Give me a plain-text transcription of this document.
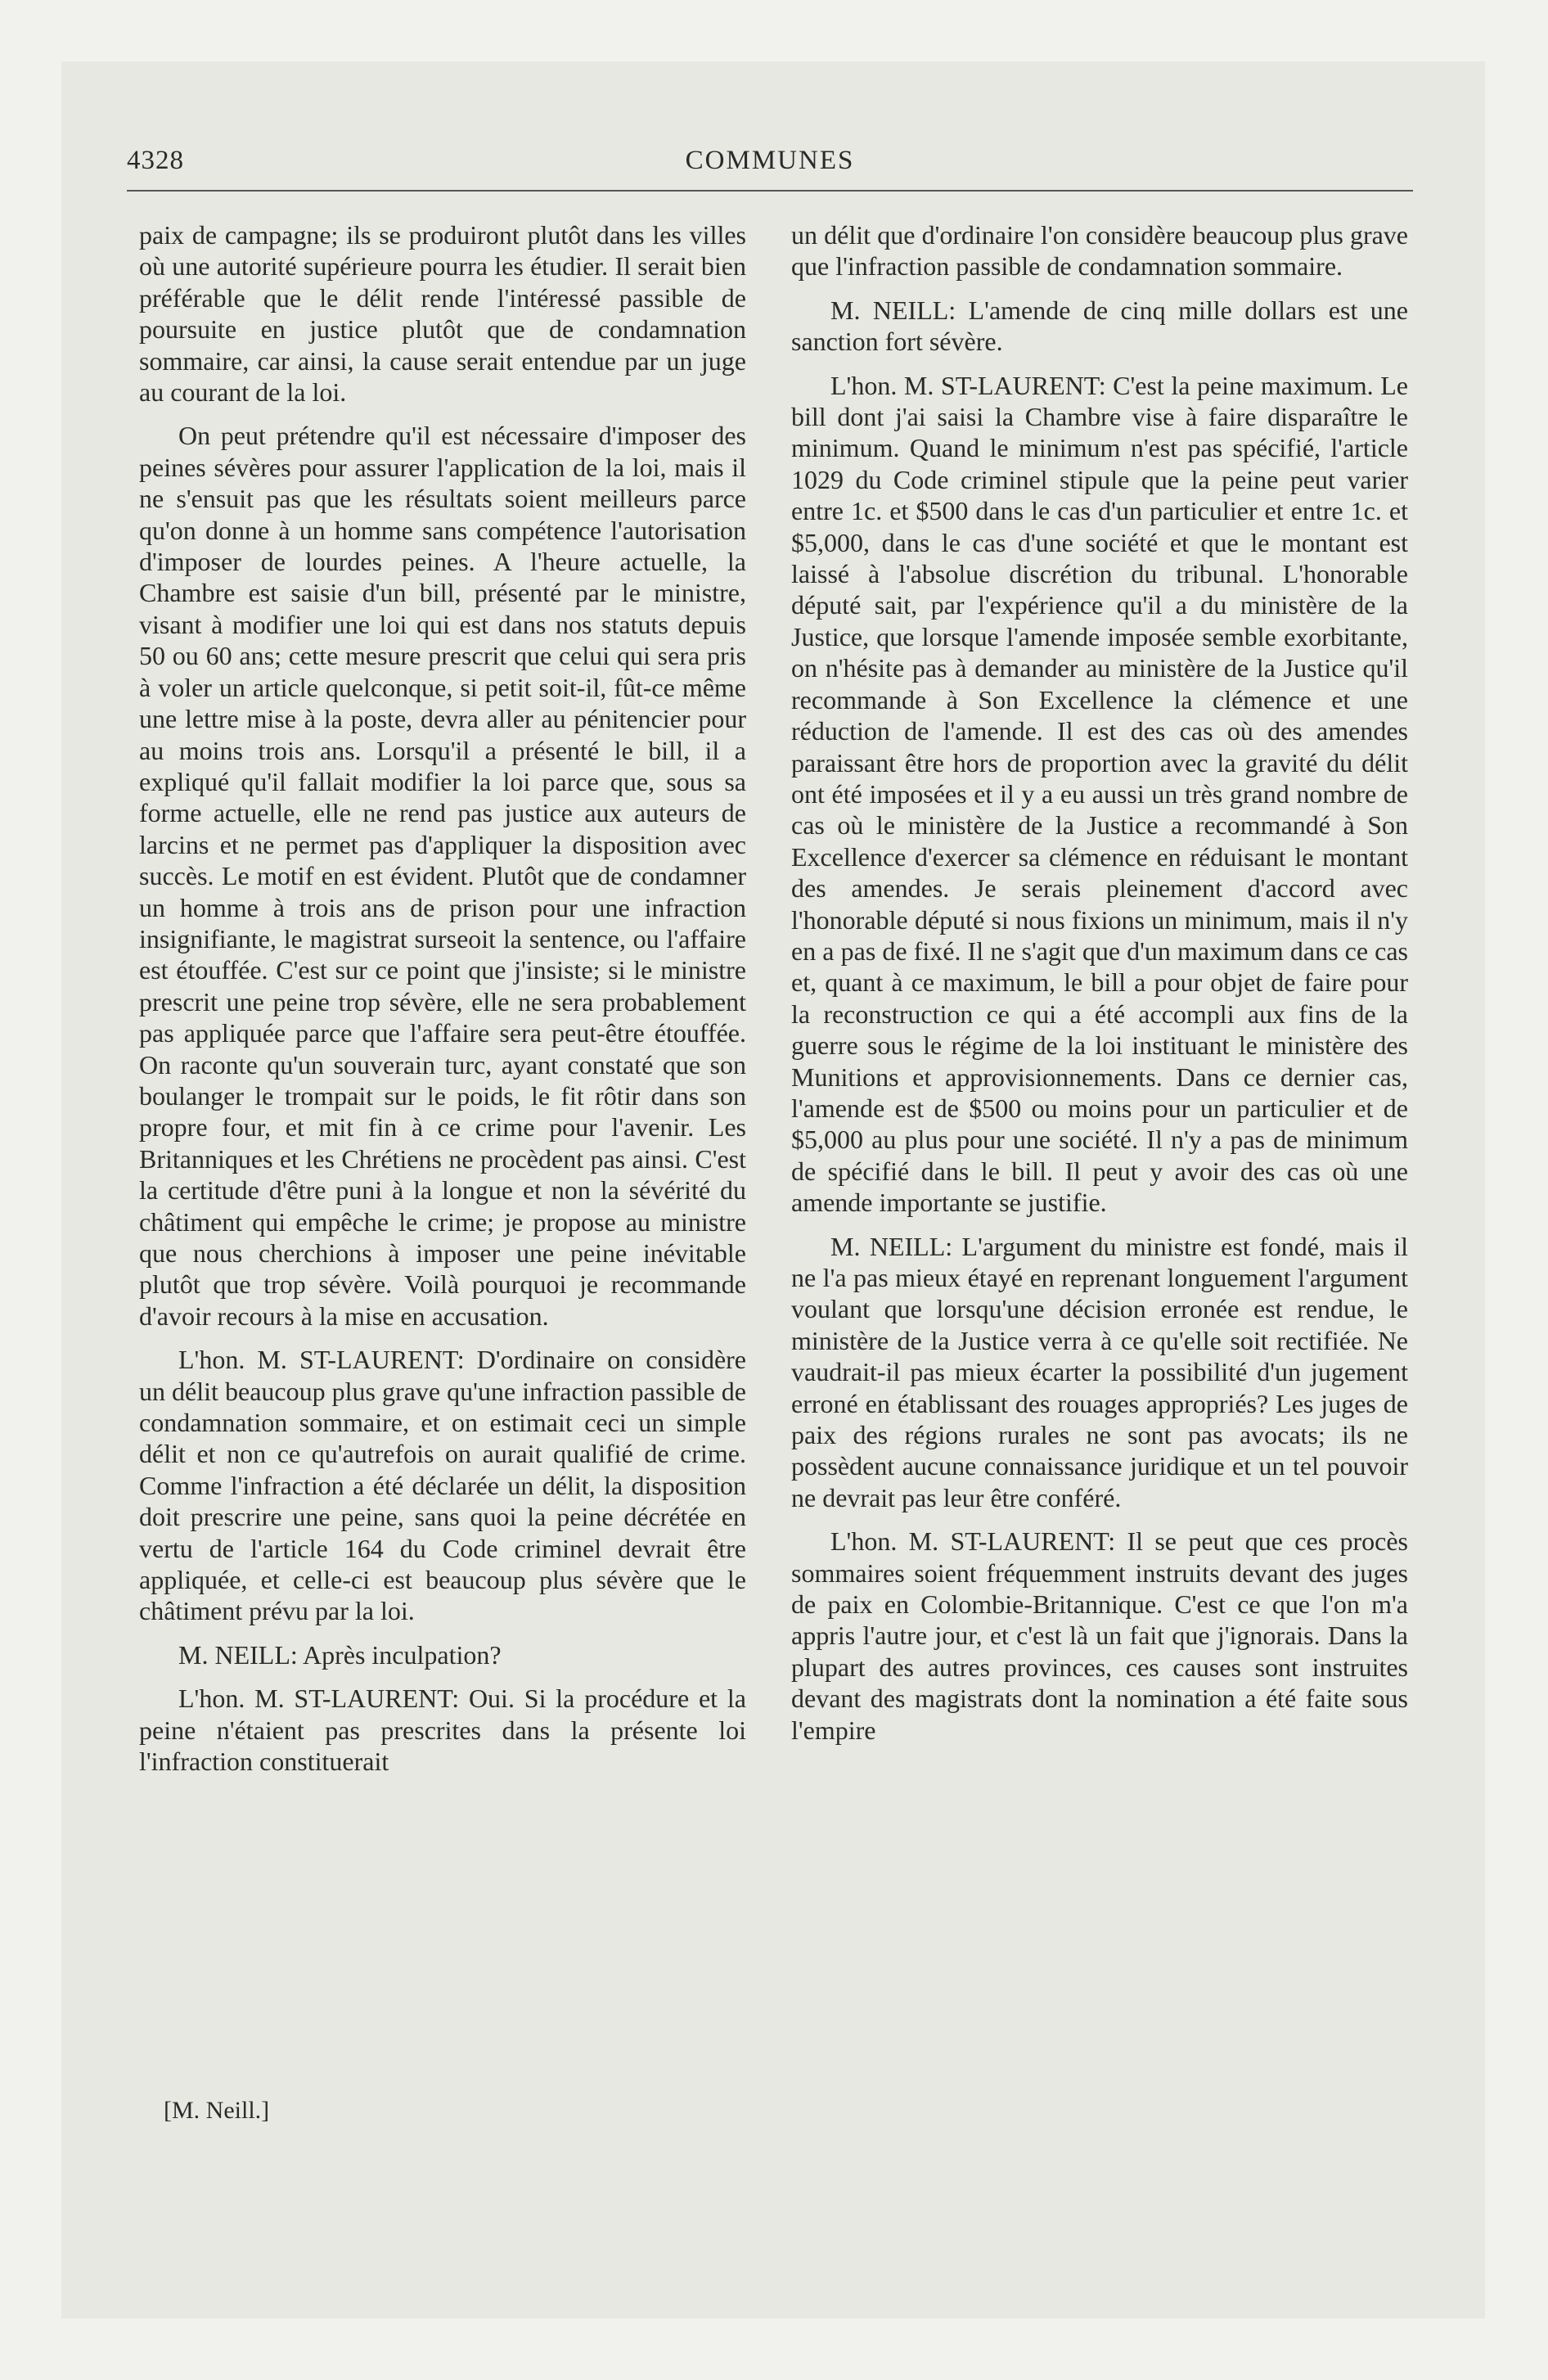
4328	COMMUNES

paix de campagne; ils se produiront plutôt dans les villes où une autorité supérieure pourra les étudier. Il serait bien préférable que le délit rende l'intéressé passible de poursuite en justice plutôt que de condamnation sommaire, car ainsi, la cause serait entendue par un juge au courant de la loi.

On peut prétendre qu'il est nécessaire d'imposer des peines sévères pour assurer l'application de la loi, mais il ne s'ensuit pas que les résultats soient meilleurs parce qu'on donne à un homme sans compétence l'autorisation d'imposer de lourdes peines. A l'heure actuelle, la Chambre est saisie d'un bill, présenté par le ministre, visant à modifier une loi qui est dans nos statuts depuis 50 ou 60 ans; cette mesure prescrit que celui qui sera pris à voler un article quelconque, si petit soit-il, fût-ce même une lettre mise à la poste, devra aller au pénitencier pour au moins trois ans. Lorsqu'il a présenté le bill, il a expliqué qu'il fallait modifier la loi parce que, sous sa forme actuelle, elle ne rend pas justice aux auteurs de larcins et ne permet pas d'appliquer la disposition avec succès. Le motif en est évident. Plutôt que de condamner un homme à trois ans de prison pour une infraction insignifiante, le magistrat surseoit la sentence, ou l'affaire est étouffée. C'est sur ce point que j'insiste; si le ministre prescrit une peine trop sévère, elle ne sera probablement pas appliquée parce que l'affaire sera peut-être étouffée. On raconte qu'un souverain turc, ayant constaté que son boulanger le trompait sur le poids, le fit rôtir dans son propre four, et mit fin à ce crime pour l'avenir. Les Britanniques et les Chrétiens ne procèdent pas ainsi. C'est la certitude d'être puni à la longue et non la sévérité du châtiment qui empêche le crime; je propose au ministre que nous cherchions à imposer une peine inévitable plutôt que trop sévère. Voilà pourquoi je recommande d'avoir recours à la mise en accusation.

L'hon. M. ST-LAURENT: D'ordinaire on considère un délit beaucoup plus grave qu'une infraction passible de condamnation sommaire, et on estimait ceci un simple délit et non ce qu'autrefois on aurait qualifié de crime. Comme l'infraction a été déclarée un délit, la disposition doit prescrire une peine, sans quoi la peine décrétée en vertu de l'article 164 du Code criminel devrait être appliquée, et celle-ci est beaucoup plus sévère que le châtiment prévu par la loi.

M. NEILL: Après inculpation?

L'hon. M. ST-LAURENT: Oui. Si la procédure et la peine n'étaient pas prescrites dans la présente loi l'infraction constituerait

[M. Neill.]

un délit que d'ordinaire l'on considère beaucoup plus grave que l'infraction passible de condamnation sommaire.

M. NEILL: L'amende de cinq mille dollars est une sanction fort sévère.

L'hon. M. ST-LAURENT: C'est la peine maximum. Le bill dont j'ai saisi la Chambre vise à faire disparaître le minimum. Quand le minimum n'est pas spécifié, l'article 1029 du Code criminel stipule que la peine peut varier entre 1c. et $500 dans le cas d'un particulier et entre 1c. et $5,000, dans le cas d'une société et que le montant est laissé à l'absolue discrétion du tribunal. L'honorable député sait, par l'expérience qu'il a du ministère de la Justice, que lorsque l'amende imposée semble exorbitante, on n'hésite pas à demander au ministère de la Justice qu'il recommande à Son Excellence la clémence et une réduction de l'amende. Il est des cas où des amendes paraissant être hors de proportion avec la gravité du délit ont été imposées et il y a eu aussi un très grand nombre de cas où le ministère de la Justice a recommandé à Son Excellence d'exercer sa clémence en réduisant le montant des amendes. Je serais pleinement d'accord avec l'honorable député si nous fixions un minimum, mais il n'y en a pas de fixé. Il ne s'agit que d'un maximum dans ce cas et, quant à ce maximum, le bill a pour objet de faire pour la reconstruction ce qui a été accompli aux fins de la guerre sous le régime de la loi instituant le ministère des Munitions et approvisionnements. Dans ce dernier cas, l'amende est de $500 ou moins pour un particulier et de $5,000 au plus pour une société. Il n'y a pas de minimum de spécifié dans le bill. Il peut y avoir des cas où une amende importante se justifie.

M. NEILL: L'argument du ministre est fondé, mais il ne l'a pas mieux étayé en reprenant longuement l'argument voulant que lorsqu'une décision erronée est rendue, le ministère de la Justice verra à ce qu'elle soit rectifiée. Ne vaudrait-il pas mieux écarter la possibilité d'un jugement erroné en établissant des rouages appropriés? Les juges de paix des régions rurales ne sont pas avocats; ils ne possèdent aucune connaissance juridique et un tel pouvoir ne devrait pas leur être conféré.

L'hon. M. ST-LAURENT: Il se peut que ces procès sommaires soient fréquemment instruits devant des juges de paix en Colombie-Britannique. C'est ce que l'on m'a appris l'autre jour, et c'est là un fait que j'ignorais. Dans la plupart des autres provinces, ces causes sont instruites devant des magistrats dont la nomination a été faite sous l'empire
